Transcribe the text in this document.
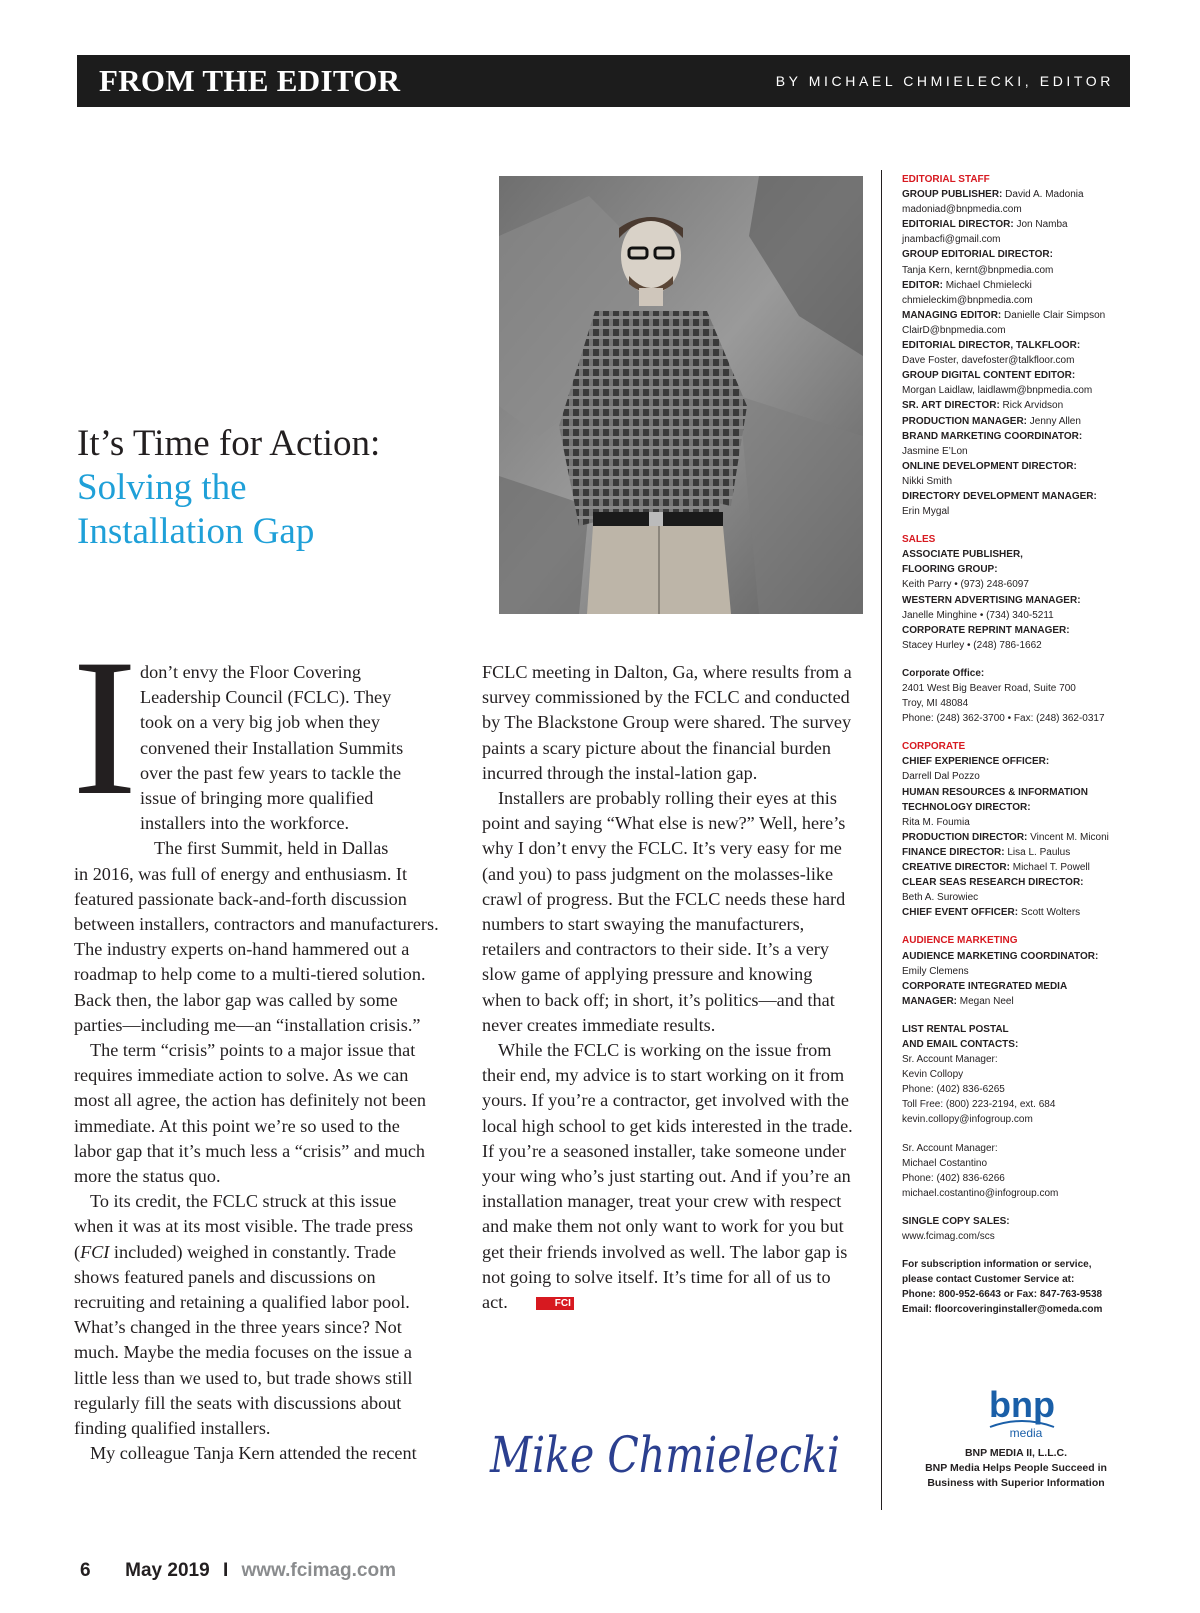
FROM THE EDITOR	BY MICHAEL CHMIELECKI, EDITOR
It’s Time for Action:
Solving the
Installation Gap
I don’t envy the Floor Covering
Leadership Council (FCLC). They
took on a very big job when they
convened their Installation Summits
over the past few years to tackle the
issue of bringing more qualified
installers into the workforce.
The first Summit, held in Dallas

in 2016, was full of energy and enthusiasm. It featured passionate back-and-forth discussion between installers, contractors and manufacturers. The industry experts on-hand hammered out a roadmap to help come to a multi-tiered solution. Back then, the labor gap was called by some parties—including me—an “installation crisis.”

The term “crisis” points to a major issue that requires immediate action to solve. As we can most all agree, the action has definitely not been immediate. At this point we’re so used to the labor gap that it’s much less a “crisis” and much more the status quo.

To its credit, the FCLC struck at this issue when it was at its most visible. The trade press (FCI included) weighed in constantly. Trade shows featured panels and discussions on recruiting and retaining a qualified labor pool. What’s changed in the three years since? Not much. Maybe the media focuses on the issue a little less than we used to, but trade shows still regularly fill the seats with discussions about finding qualified installers.

My colleague Tanja Kern attended the recent

FCLC meeting in Dalton, Ga, where results from a survey commissioned by the FCLC and conducted by The Blackstone Group were shared. The survey paints a scary picture about the financial burden incurred through the instal-lation gap.

Installers are probably rolling their eyes at this point and saying “What else is new?” Well, here’s why I don’t envy the FCLC. It’s very easy for me (and you) to pass judgment on the molasses-like crawl of progress. But the FCLC needs these hard numbers to start swaying the manufacturers, retailers and contractors to their side. It’s a very slow game of applying pressure and knowing when to back off; in short, it’s politics—and that never creates immediate results.

While the FCLC is working on the issue from their end, my advice is to start working on it from yours. If you’re a contractor, get involved with the local high school to get kids interested in the trade. If you’re a seasoned installer, take someone under your wing who’s just starting out. And if you’re an installation manager, treat your crew with respect and make them not only want to work for you but get their friends involved as well. The labor gap is not going to solve itself. It’s time for all of us to act.	FCI

Mike Chmielecki
EDITORIAL STAFF
GROUP PUBLISHER: David A. Madonia
madoniad@bnpmedia.com
EDITORIAL DIRECTOR: Jon Namba
jnambacfi@gmail.com
GROUP EDITORIAL DIRECTOR:
Tanja Kern, kernt@bnpmedia.com
EDITOR: Michael Chmielecki
chmieleckim@bnpmedia.com
MANAGING EDITOR: Danielle Clair Simpson
ClairD@bnpmedia.com
EDITORIAL DIRECTOR, TALKFLOOR:
Dave Foster, davefoster@talkfloor.com
GROUP DIGITAL CONTENT EDITOR:
Morgan Laidlaw, laidlawm@bnpmedia.com
SR. ART DIRECTOR: Rick Arvidson
PRODUCTION MANAGER: Jenny Allen
BRAND MARKETING COORDINATOR:
Jasmine E’Lon
ONLINE DEVELOPMENT DIRECTOR:
Nikki Smith
DIRECTORY DEVELOPMENT MANAGER:
Erin Mygal
SALES
ASSOCIATE PUBLISHER,
FLOORING GROUP:
Keith Parry • (973) 248-6097
WESTERN ADVERTISING MANAGER:
Janelle Minghine • (734) 340-5211
CORPORATE REPRINT MANAGER:
Stacey Hurley • (248) 786-1662
Corporate Office:
2401 West Big Beaver Road, Suite 700
Troy, MI 48084
Phone: (248) 362-3700 • Fax: (248) 362-0317
CORPORATE
CHIEF EXPERIENCE OFFICER:
Darrell Dal Pozzo
HUMAN RESOURCES & INFORMATION
TECHNOLOGY DIRECTOR:
Rita M. Foumia
PRODUCTION DIRECTOR: Vincent M. Miconi
FINANCE DIRECTOR: Lisa L. Paulus
CREATIVE DIRECTOR: Michael T. Powell
CLEAR SEAS RESEARCH DIRECTOR:
Beth A. Surowiec
CHIEF EVENT OFFICER: Scott Wolters
AUDIENCE MARKETING
AUDIENCE MARKETING COORDINATOR:
Emily Clemens
CORPORATE INTEGRATED MEDIA
MANAGER: Megan Neel
LIST RENTAL POSTAL
AND EMAIL CONTACTS:
Sr. Account Manager:
Kevin Collopy
Phone: (402) 836-6265
Toll Free: (800) 223-2194, ext. 684
kevin.collopy@infogroup.com
Sr. Account Manager:
Michael Costantino
Phone: (402) 836-6266
michael.costantino@infogroup.com
SINGLE COPY SALES:
www.fcimag.com/scs
For subscription information or service,
please contact Customer Service at:
Phone: 800-952-6643 or Fax: 847-763-9538
Email: floorcoveringinstaller@omeda.com
bnp
media
BNP MEDIA II, L.L.C.
BNP Media Helps People Succeed in
Business with Superior Information
6 May 2019 I www.fcimag.com
